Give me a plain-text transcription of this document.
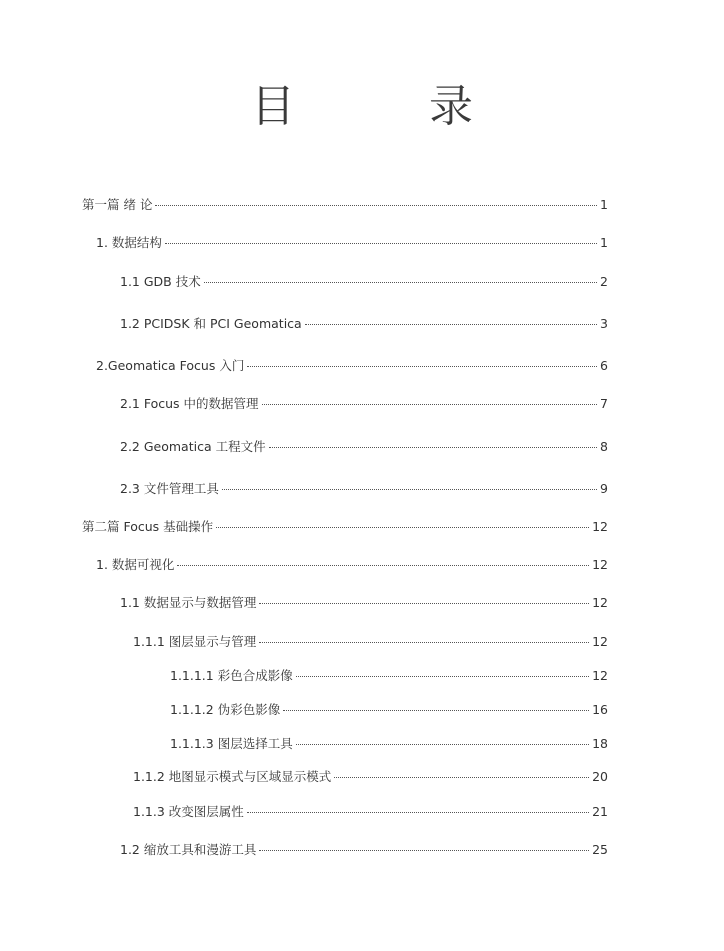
目 录
第一篇 绪 论	1
1. 数据结构	1
1.1 GDB 技术	2
1.2 PCIDSK 和 PCI Geomatica	3
2.Geomatica Focus 入门	6
2.1 Focus 中的数据管理	7
2.2 Geomatica 工程文件	8
2.3 文件管理工具	9
第二篇 Focus 基础操作	12
1. 数据可视化	12
1.1 数据显示与数据管理	12
1.1.1 图层显示与管理	12
1.1.1.1 彩色合成影像	12
1.1.1.2 伪彩色影像	16
1.1.1.3 图层选择工具	18
1.1.2 地图显示模式与区域显示模式	20
1.1.3 改变图层属性	21
1.2 缩放工具和漫游工具	25
